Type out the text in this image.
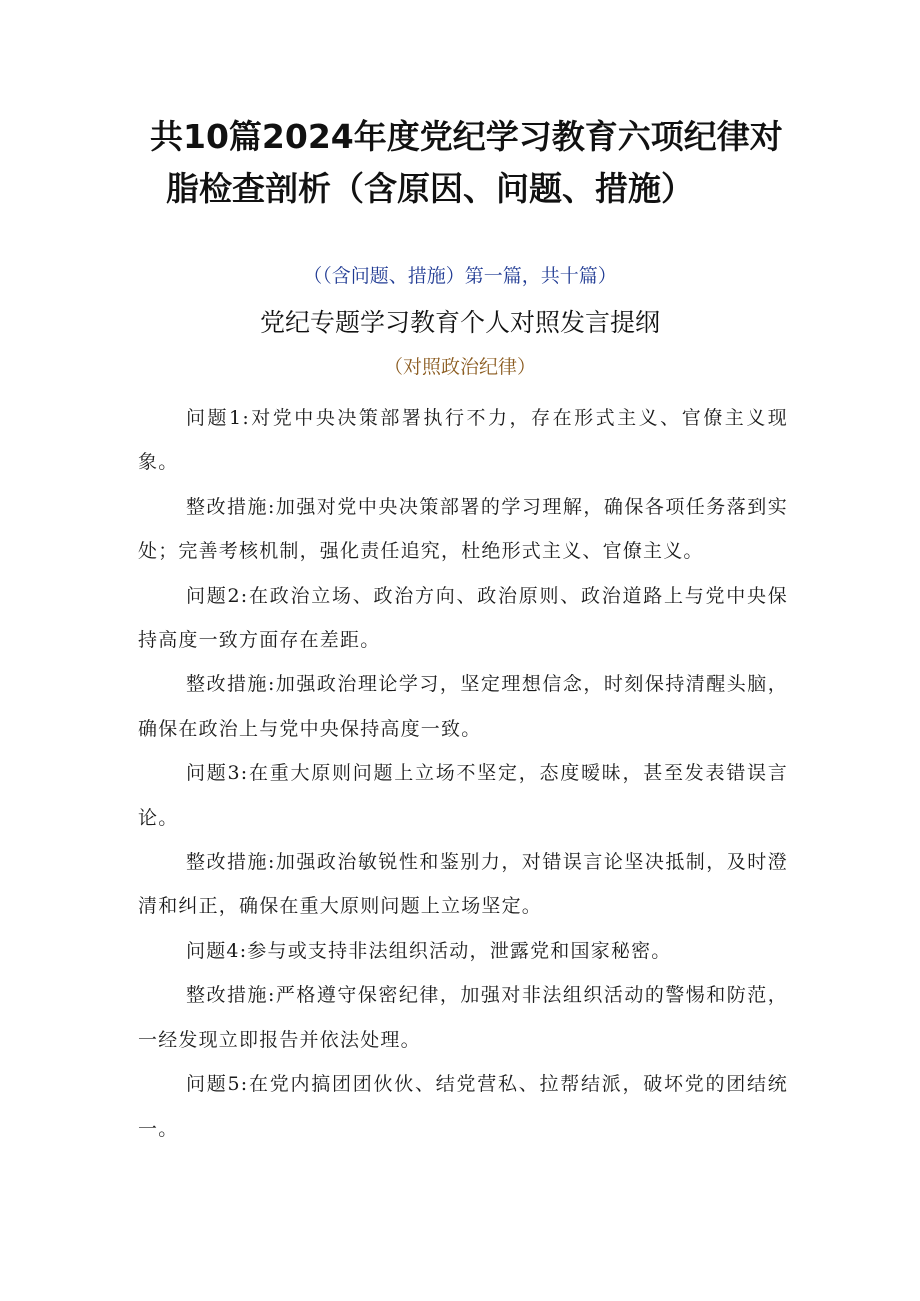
共10篇2024年度党纪学习教育六项纪律对
脂检查剖析（含原因、问题、措施）
（（含问题、措施）第一篇，共十篇）
党纪专题学习教育个人对照发言提纲
（对照政治纪律）

问题1:对党中央决策部署执行不力，存在形式主义、官僚主义现象。

整改措施:加强对党中央决策部署的学习理解，确保各项任务落到实处；完善考核机制，强化责任追究，杜绝形式主义、官僚主义。

问题2:在政治立场、政治方向、政治原则、政治道路上与党中央保持高度一致方面存在差距。

整改措施:加强政治理论学习，坚定理想信念，时刻保持清醒头脑，确保在政治上与党中央保持高度一致。

问题3:在重大原则问题上立场不坚定，态度暧昧，甚至发表错误言论。

整改措施:加强政治敏锐性和鉴别力，对错误言论坚决抵制，及时澄清和纠正，确保在重大原则问题上立场坚定。

问题4:参与或支持非法组织活动，泄露党和国家秘密。

整改措施:严格遵守保密纪律，加强对非法组织活动的警惕和防范，一经发现立即报告并依法处理。

问题5:在党内搞团团伙伙、结党营私、拉帮结派，破坏党的团结统一。
